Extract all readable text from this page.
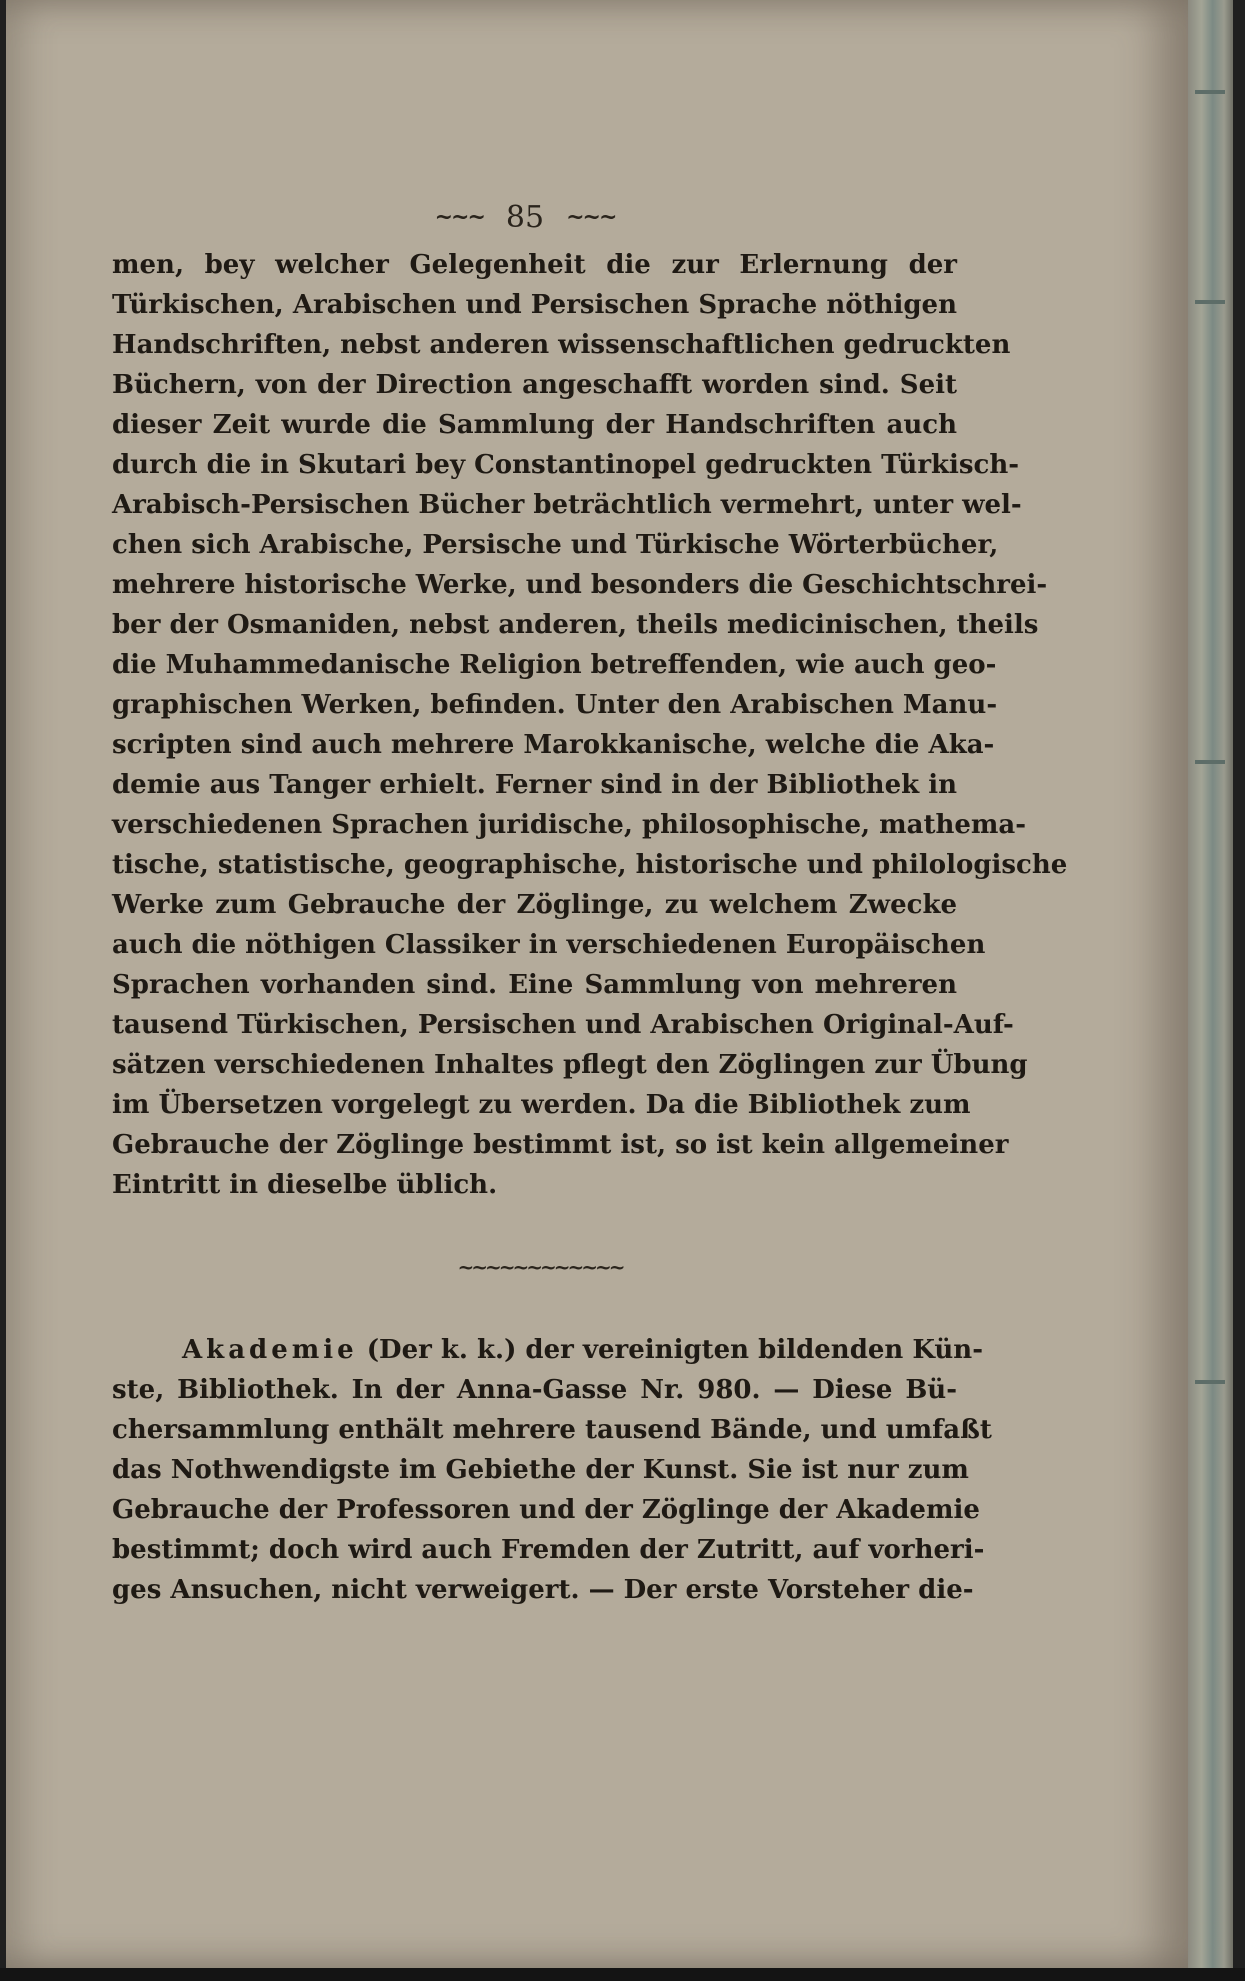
~~~ 85 ~~~
men, bey welcher Gelegenheit die zur Erlernung der
Türkischen, Arabischen und Persischen Sprache nöthigen
Handschriften, nebst anderen wissenschaftlichen gedruckten
Büchern, von der Direction angeschafft worden sind. Seit
dieser Zeit wurde die Sammlung der Handschriften auch
durch die in Skutari bey Constantinopel gedruckten Türkisch-
Arabisch-Persischen Bücher beträchtlich vermehrt, unter wel-
chen sich Arabische, Persische und Türkische Wörterbücher,
mehrere historische Werke, und besonders die Geschichtschrei-
ber der Osmaniden, nebst anderen, theils medicinischen, theils
die Muhammedanische Religion betreffenden, wie auch geo-
graphischen Werken, befinden. Unter den Arabischen Manu-
scripten sind auch mehrere Marokkanische, welche die Aka-
demie aus Tanger erhielt. Ferner sind in der Bibliothek in
verschiedenen Sprachen juridische, philosophische, mathema-
tische, statistische, geographische, historische und philologische
Werke zum Gebrauche der Zöglinge, zu welchem Zwecke
auch die nöthigen Classiker in verschiedenen Europäischen
Sprachen vorhanden sind. Eine Sammlung von mehreren
tausend Türkischen, Persischen und Arabischen Original-Auf-
sätzen verschiedenen Inhaltes pflegt den Zöglingen zur Übung
im Übersetzen vorgelegt zu werden. Da die Bibliothek zum
Gebrauche der Zöglinge bestimmt ist, so ist kein allgemeiner
Eintritt in dieselbe üblich.
~~~~~~~~~~~~
Akademie (Der k. k.) der vereinigten bildenden Kün-
ste, Bibliothek. In der Anna-Gasse Nr. 980. — Diese Bü-
chersammlung enthält mehrere tausend Bände, und umfaßt
das Nothwendigste im Gebiethe der Kunst. Sie ist nur zum
Gebrauche der Professoren und der Zöglinge der Akademie
bestimmt; doch wird auch Fremden der Zutritt, auf vorheri-
ges Ansuchen, nicht verweigert. — Der erste Vorsteher die-
